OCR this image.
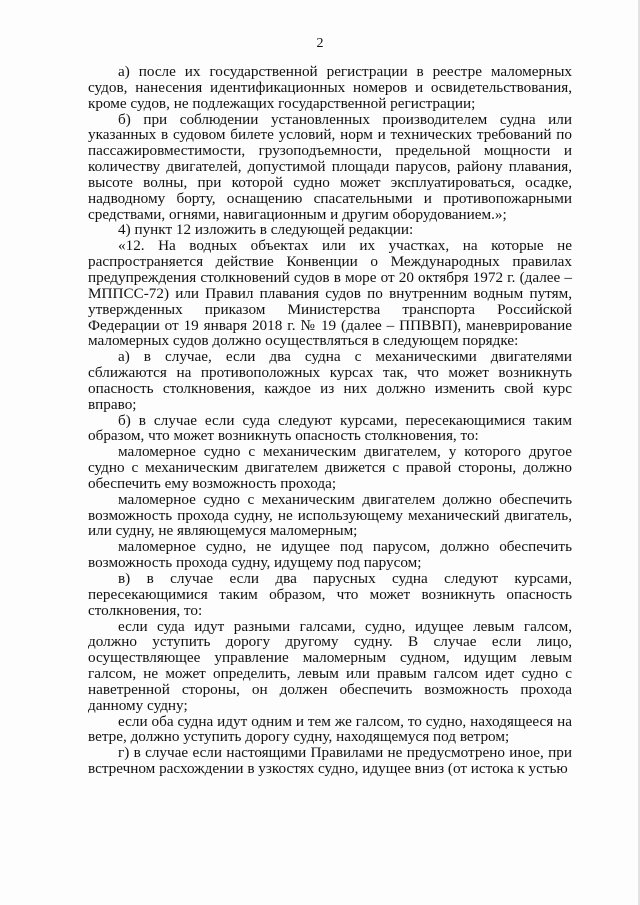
2

а) после их государственной регистрации в реестре маломерных судов, нанесения идентификационных номеров и освидетельствования, кроме судов, не подлежащих государственной регистрации;

б) при соблюдении установленных производителем судна или указанных в судовом билете условий, норм и технических требований по пассажировместимости, грузоподъемности, предельной мощности и количеству двигателей, допустимой площади парусов, району плавания, высоте волны, при которой судно может эксплуатироваться, осадке, надводному борту, оснащению спасательными и противопожарными средствами, огнями, навигационным и другим оборудованием.»;

4) пункт 12 изложить в следующей редакции:

«12. На водных объектах или их участках, на которые не распространяется действие Конвенции о Международных правилах предупреждения столкновений судов в море от 20 октября 1972 г. (далее – МППСС-72) или Правил плавания судов по внутренним водным путям, утвержденных приказом Министерства транспорта Российской Федерации от 19 января 2018 г. № 19 (далее – ППВВП), маневрирование маломерных судов должно осуществляться в следующем порядке:

а) в случае, если два судна с механическими двигателями сближаются на противоположных курсах так, что может возникнуть опасность столкновения, каждое из них должно изменить свой курс вправо;

б) в случае если суда следуют курсами, пересекающимися таким образом, что может возникнуть опасность столкновения, то:

маломерное судно с механическим двигателем, у которого другое судно с механическим двигателем движется с правой стороны, должно обеспечить ему возможность прохода;

маломерное судно с механическим двигателем должно обеспечить возможность прохода судну, не использующему механический двигатель, или судну, не являющемуся маломерным;

маломерное судно, не идущее под парусом, должно обеспечить возможность прохода судну, идущему под парусом;

в) в случае если два парусных судна следуют курсами, пересекающимися таким образом, что может возникнуть опасность столкновения, то:

если суда идут разными галсами, судно, идущее левым галсом, должно уступить дорогу другому судну. В случае если лицо, осуществляющее управление маломерным судном, идущим левым галсом, не может определить, левым или правым галсом идет судно с наветренной стороны, он должен обеспечить возможность прохода данному судну;

если оба судна идут одним и тем же галсом, то судно, находящееся на ветре, должно уступить дорогу судну, находящемуся под ветром;

г) в случае если настоящими Правилами не предусмотрено иное, при встречном расхождении в узкостях судно, идущее вниз (от истока к устью
